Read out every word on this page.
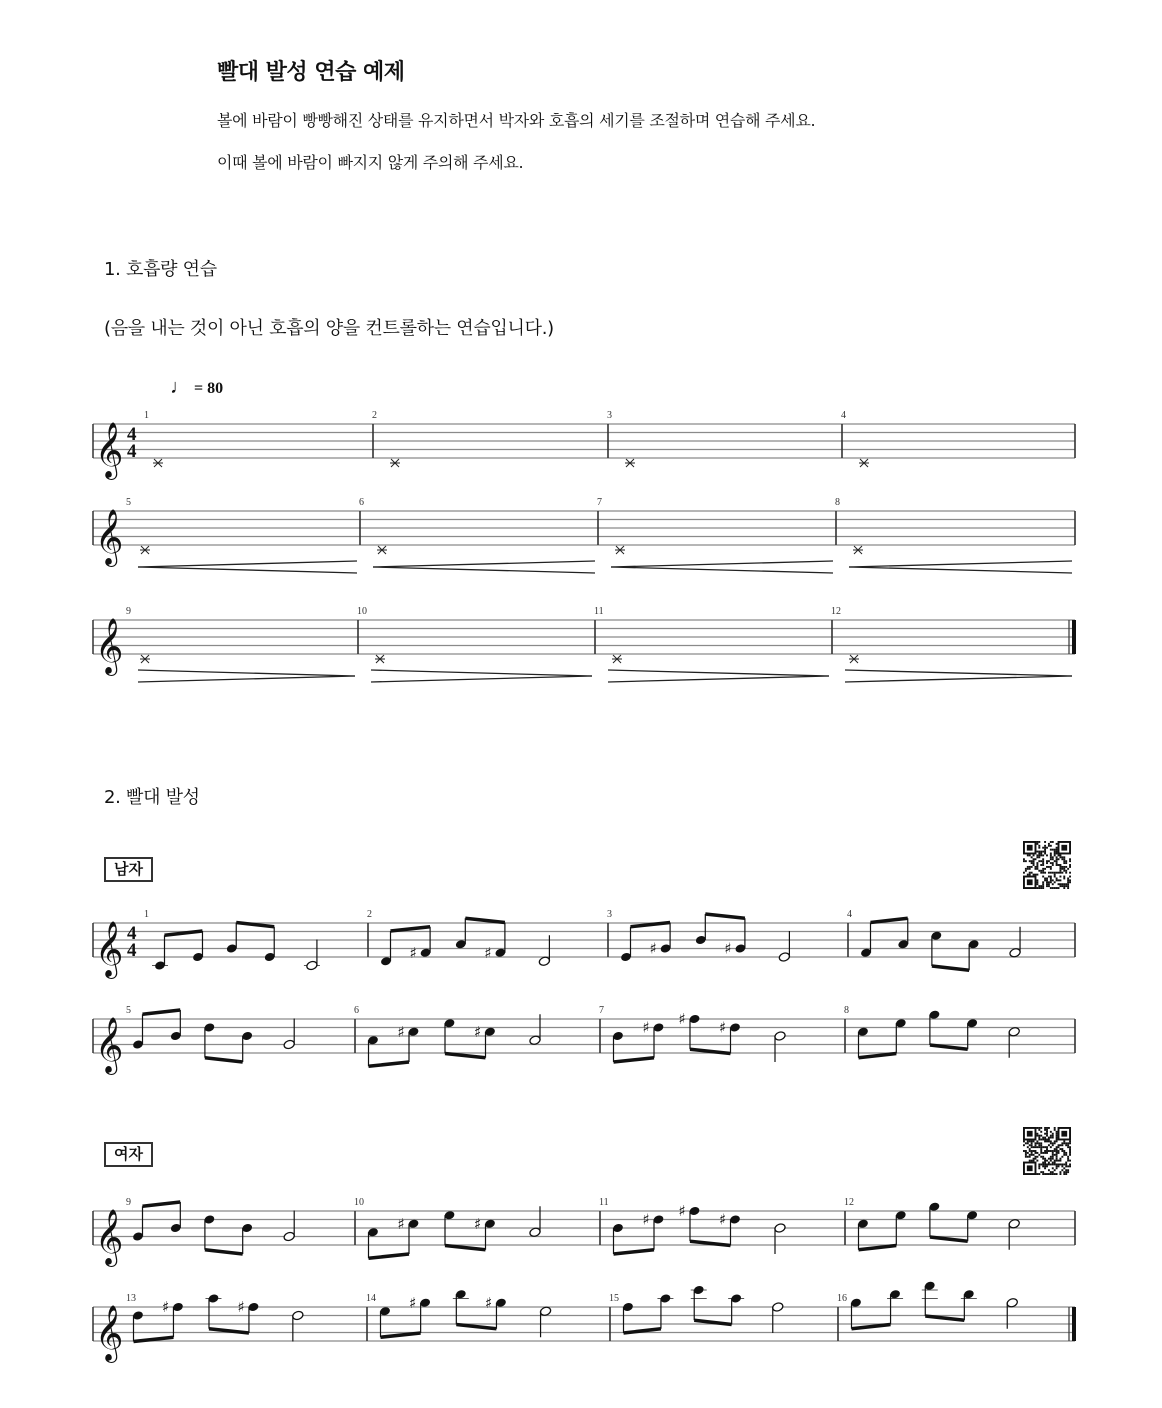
빨대 발성 연습 예제
볼에 바람이 빵빵해진 상태를 유지하면서 박자와 호흡의 세기를 조절하며 연습해 주세요.
이때 볼에 바람이 빠지지 않게 주의해 주세요.
1. 호흡량 연습
(음을 내는 것이 아닌 호흡의 양을 컨트롤하는 연습입니다.)
♩ = 80
𝄞 4
4
1	2	3	4
𝄞
5	6	7	8
𝄞
9	10	11	12
2. 빨대 발성
남자
𝄞 4
4
1	2	3	4
♯	♯	♯	♯
𝄞
5	6	7	8
♯	♯	♯ ♯ ♯
여자
𝄞
9	10	11	12
♯	♯	♯ ♯ ♯
𝄞
13	14	15	16
♯	♯	♯	♯
